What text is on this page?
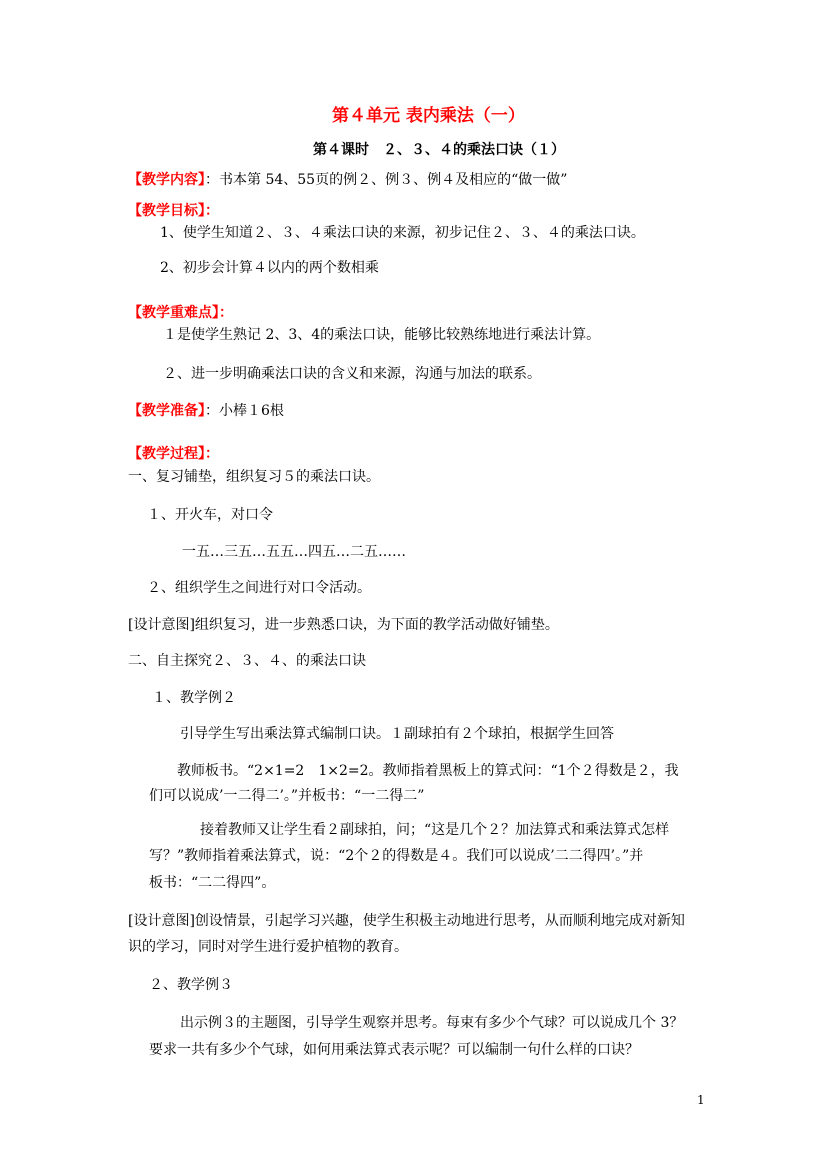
第４单元 表内乘法（一）
第４课时　２、３、４的乘法口诀（１）
【教学内容】：书本第 54、55页的例２、例３、例４及相应的“做一做”
【教学目标】：
1、使学生知道２、３、４乘法口诀的来源，初步记住２、３、４的乘法口诀。
2、初步会计算４以内的两个数相乘
【教学重难点】：
１是使学生熟记 2、3、4的乘法口诀，能够比较熟练地进行乘法计算。
２、进一步明确乘法口诀的含义和来源，沟通与加法的联系。
【教学准备】：小棒１6根
【教学过程】：
一、复习铺垫，组织复习５的乘法口诀。
１、开火车，对口令
一五…三五…五五…四五…二五……
２、组织学生之间进行对口令活动。
[设计意图]组织复习，进一步熟悉口诀，为下面的教学活动做好铺垫。
二、自主探究２、３、４、的乘法口诀
１、教学例２
引导学生写出乘法算式编制口诀。１副球拍有２个球拍，根据学生回答
教师板书。“2×1=2　1×2=2。教师指着黑板上的算式问：“1个２得数是２，我
们可以说成’一二得二’。”并板书：“一二得二”
接着教师又让学生看２副球拍，问；“这是几个２？加法算式和乘法算式怎样
写？”教师指着乘法算式，说：“2个２的得数是４。我们可以说成’二二得四’。”并
板书：“二二得四”。
[设计意图]创设情景，引起学习兴趣，使学生积极主动地进行思考，从而顺利地完成对新知
识的学习，同时对学生进行爱护植物的教育。
２、教学例３
出示例３的主题图，引导学生观察并思考。每束有多少个气球？可以说成几个 3？
要求一共有多少个气球，如何用乘法算式表示呢？可以编制一句什么样的口诀？
1
